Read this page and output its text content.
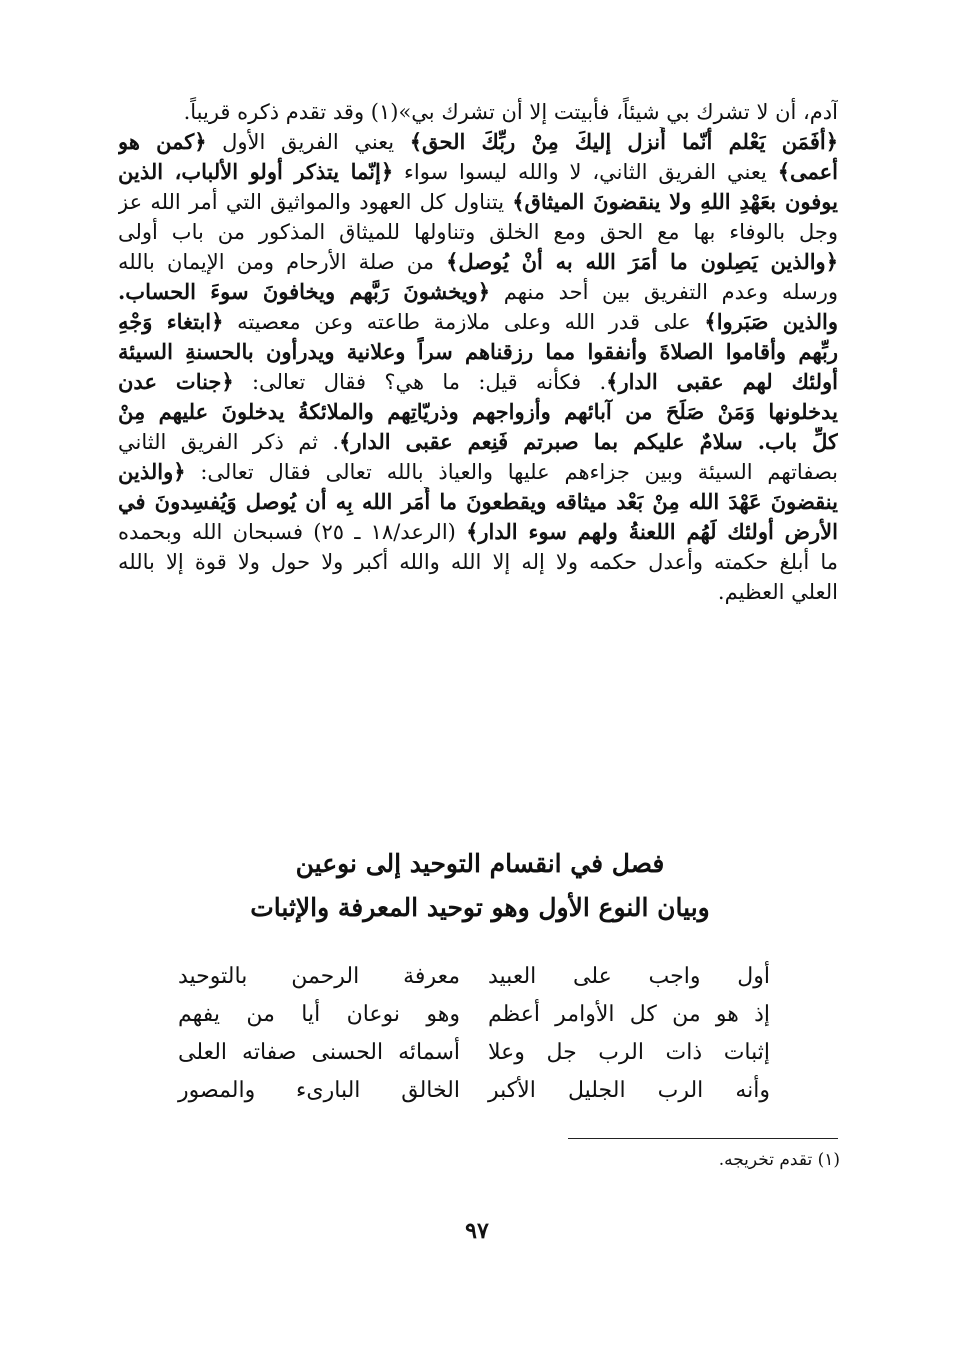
آدم، أن لا تشرك بي شيئاً، فأبيتت إلا أن تشرك بي»(١) وقد تقدم ذكره قريباً.
﴿أفَمَن يَعْلم أنّما أُنزل إليكَ مِنْ ربِّكَ الحق﴾ يعني الفريق الأول ﴿كمن هو
أعمى﴾ يعني الفريق الثاني، لا والله ليسوا سواء ﴿إنّما يتذكر أولو الألباب، الذين
يوفون بعَهْدِ اللهِ ولا ينقضونَ الميثاق﴾ يتناول كل العهود والمواثيق التي أمر الله عز
وجل بالوفاء بها مع الحق ومع الخلق وتناولها للميثاق المذكور من باب أولى
﴿والذين يَصِلون ما أمَرَ الله به أنْ يُوصل﴾ من صلة الأرحام ومن الإيمان بالله
ورسله وعدم التفريق بين أحد منهم ﴿ويخشونَ رَبَّهم ويخافونَ سوءَ الحساب.
والذين صَبَروا﴾ على قدر الله وعلى ملازمة طاعته وعن معصيته ﴿ابتغاء وَجْهِ
ربِّهم وأقاموا الصلاةَ وأنفقوا مما رزقناهم سراً وعلانية ويدرأون بالحسنةِ السيئة
أولئك لهم عقبى الدار﴾. فكأنه قيل: ما هي؟ فقال تعالى: ﴿جنات عدن
يدخلونها وَمَنْ صَلَحَ من آبائهم وأزواجهم وذريّاتِهم والملائكةُ يدخلونَ عليهم مِنْ
كلِّ باب. سلامٌ عليكم بما صبرتم فَنِعم عقبى الدار﴾. ثم ذكر الفريق الثاني
بصفاتهم السيئة وبين جزاءهم عليها والعياذ بالله تعالى فقال تعالى: ﴿والذين
ينقضونَ عَهْدَ الله مِنْ بَعْد ميثاقه ويقطعونَ ما أَمَر الله بِه أن يُوصل وَيُفسِدونَ في
الأرض أولئك لَهُم اللعنةُ ولهم سوء الدار﴾ (الرعد/١٨ ـ ٢٥) فسبحان الله وبحمده
ما أبلغ حكمته وأعدل حكمه ولا إله إلا الله والله أكبر ولا حول ولا قوة إلا بالله
العلي العظيم.
فصل في انقسام التوحيد إلى نوعين
وبيان النوع الأول وهو توحيد المعرفة والإثبات
أول واجب على العبيد
إذ هو من كل الأوامر أعظم
إثبات ذات الرب جل وعلا
وأنه الرب الجليل الأكبر
معرفة الرحمن بالتوحيد
وهو نوعان أيا من يفهم
أسمائه الحسنى صفاته العلى
الخالق البارىء والمصور
(١) تقدم تخريجه.
٩٧
